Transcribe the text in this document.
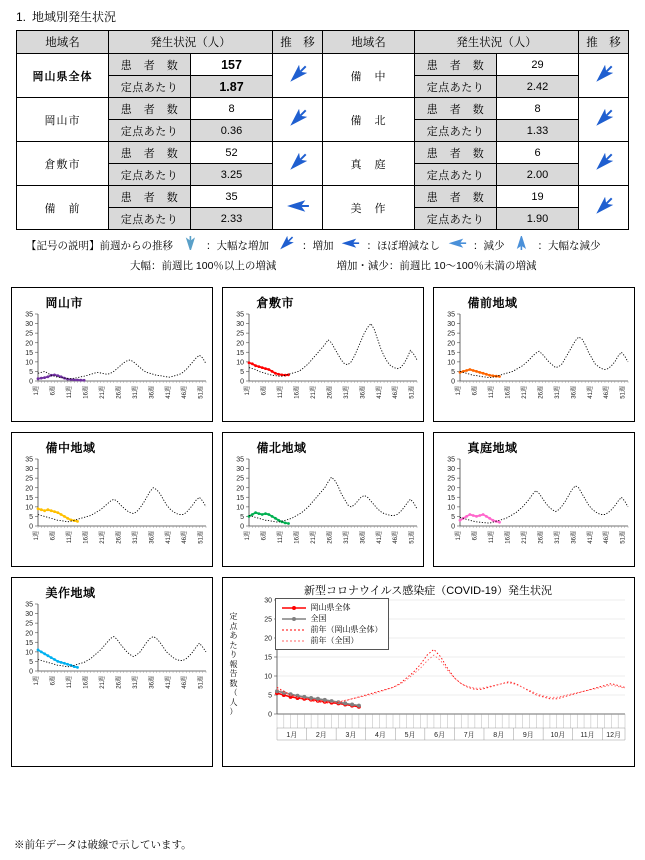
1. 地域別発生状況
地域名	発生状況（人）		推　移	地域名	発生状況（人）		推　移
岡山県全体	患　者　数	157		備　中	患　者　数	29	
	定点あたり	1.87			定点あたり	2.42	
岡山市	患　者　数	8		備　北	患　者　数	8	
	定点あたり	0.36			定点あたり	1.33	
倉敷市	患　者　数	52		真　庭	患　者　数	6	
	定点あたり	3.25			定点あたり	2.00	
備　前	患　者　数	35		美　作	患　者　数	19	
	定点あたり	2.33			定点あたり	1.90	
【記号の説明】前週からの推移	：大幅な増加	：増加	：ほぼ増減なし	：減少	：大幅な減少
大幅：前週比 100％以上の増減	増加・減少：前週比 10〜100％未満の増減
岡山市
0
5
10
15
20
25
30
35
1週	6週	11週	16週	21週	26週	31週	36週	41週	46週	51週
倉敷市
0
5
10
15
20
25
30
35
1週	6週	11週	16週	21週	26週	31週	36週	41週	46週	51週
備前地域
0
5
10
15
20
25
30
35
1週	6週	11週	16週	21週	26週	31週	36週	41週	46週	51週
備中地域
0
5
10
15
20
25
30
35
1週	6週	11週	16週	21週	26週	31週	36週	41週	46週	51週
備北地域
0
5
10
15
20
25
30
35
1週	6週	11週	16週	21週	26週	31週	36週	41週	46週	51週
真庭地域
0
5
10
15
20
25
30
35
1週	6週	11週	16週	21週	26週	31週	36週	41週	46週	51週
美作地域
0
5
10
15
20
25
30
35
1週	6週	11週	16週	21週	26週	31週	36週	41週	46週	51週
新型コロナウイルス感染症（COVID-19）発生状況
定
点
あ
た
り
報
告
数
（
人
）
岡山県全体
全国
前年（岡山県全体）
前年（全国）
0
5
10
15
20
25
30
1月	2月	3月	4月	5月	6月	7月	8月	9月 10月 11月 12月
※前年データは破線で示しています。
